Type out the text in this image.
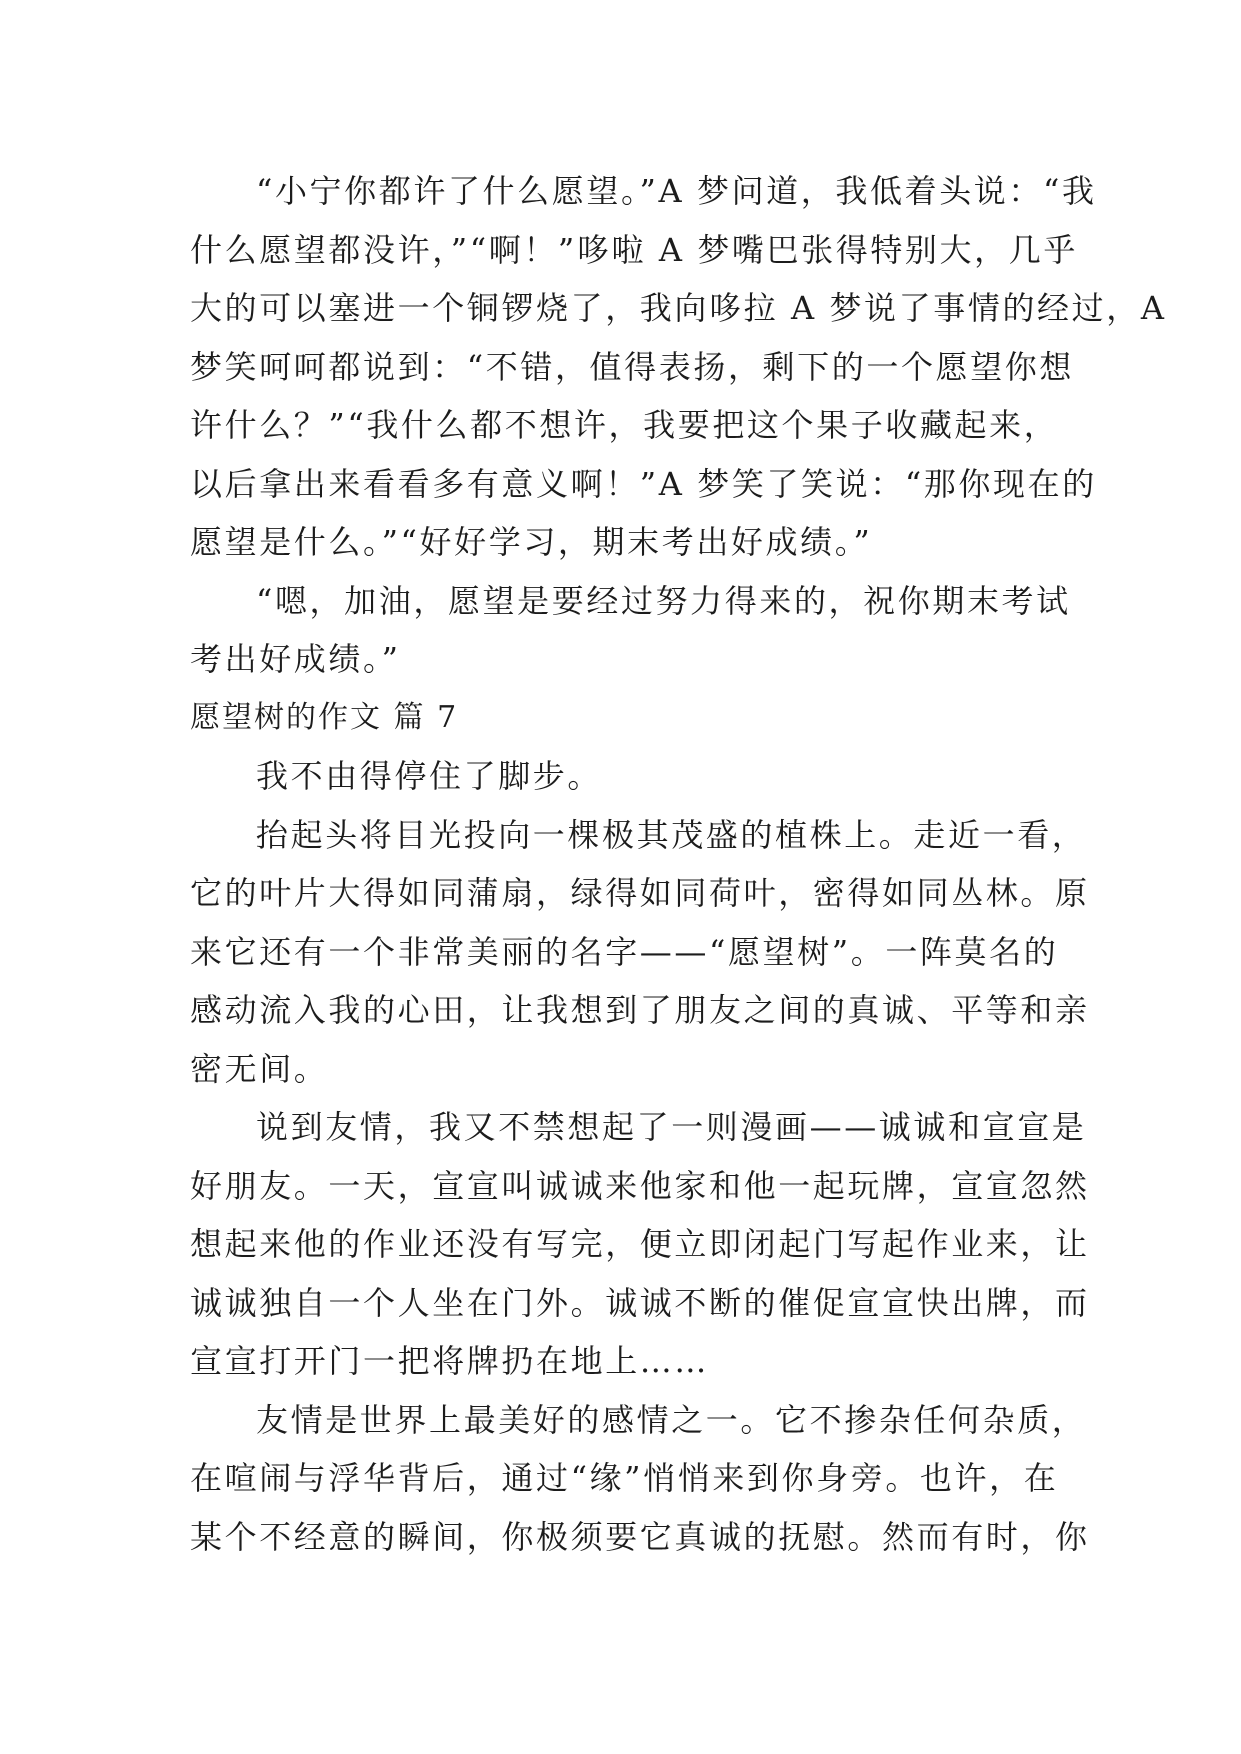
“小宁你都许了什么愿望。”A 梦问道，我低着头说：“我
什么愿望都没许，”“啊！”哆啦 A 梦嘴巴张得特别大，几乎
大的可以塞进一个铜锣烧了，我向哆拉 A 梦说了事情的经过，A
梦笑呵呵都说到：“不错，值得表扬，剩下的一个愿望你想
许什么？”“我什么都不想许，我要把这个果子收藏起来，
以后拿出来看看多有意义啊！”A 梦笑了笑说：“那你现在的
愿望是什么。”“好好学习，期末考出好成绩。”
“嗯，加油，愿望是要经过努力得来的，祝你期末考试
考出好成绩。”
愿望树的作文 篇 7
我不由得停住了脚步。
抬起头将目光投向一棵极其茂盛的植株上。走近一看，
它的叶片大得如同蒲扇，绿得如同荷叶，密得如同丛林。原
来它还有一个非常美丽的名字——“愿望树”。一阵莫名的
感动流入我的心田，让我想到了朋友之间的真诚、平等和亲
密无间。
说到友情，我又不禁想起了一则漫画——诚诚和宣宣是
好朋友。一天，宣宣叫诚诚来他家和他一起玩牌，宣宣忽然
想起来他的作业还没有写完，便立即闭起门写起作业来，让
诚诚独自一个人坐在门外。诚诚不断的催促宣宣快出牌，而
宣宣打开门一把将牌扔在地上……
友情是世界上最美好的感情之一。它不掺杂任何杂质，
在喧闹与浮华背后，通过“缘”悄悄来到你身旁。也许，在
某个不经意的瞬间，你极须要它真诚的抚慰。然而有时，你
